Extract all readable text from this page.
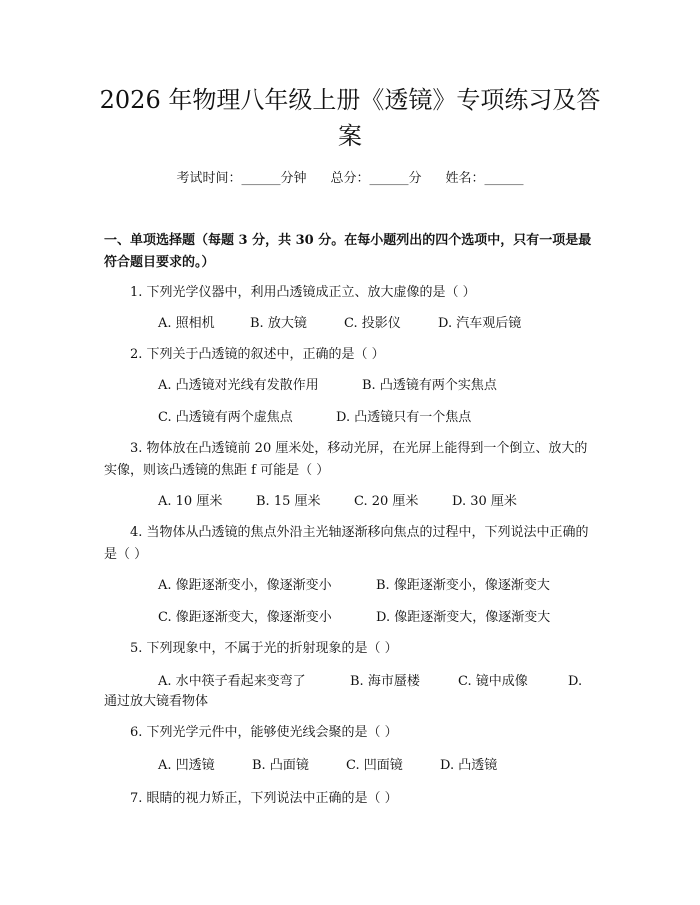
2026 年物理八年级上册《透镜》专项练习及答案
考试时间：______分钟 总分：______分 姓名：______
一、单项选择题（每题 3 分，共 30 分。在每小题列出的四个选项中，只有一项是最符合题目要求的。）
1. 下列光学仪器中，利用凸透镜成正立、放大虚像的是（ ）
A. 照相机	B. 放大镜	C. 投影仪	D. 汽车观后镜
2. 下列关于凸透镜的叙述中，正确的是（ ）
A. 凸透镜对光线有发散作用	B. 凸透镜有两个实焦点
C. 凸透镜有两个虚焦点	D. 凸透镜只有一个焦点
3. 物体放在凸透镜前 20 厘米处，移动光屏，在光屏上能得到一个倒立、放大的实像，则该凸透镜的焦距 f 可能是（ ）
A. 10 厘米	B. 15 厘米	C. 20 厘米	D. 30 厘米
4. 当物体从凸透镜的焦点外沿主光轴逐渐移向焦点的过程中，下列说法中正确的是（ ）
A. 像距逐渐变小，像逐渐变小	B. 像距逐渐变小，像逐渐变大
C. 像距逐渐变大，像逐渐变小	D. 像距逐渐变大，像逐渐变大
5. 下列现象中，不属于光的折射现象的是（ ）
A. 水中筷子看起来变弯了	B. 海市蜃楼	C. 镜中成像	D.
通过放大镜看物体
6. 下列光学元件中，能够使光线会聚的是（ ）
A. 凹透镜	B. 凸面镜	C. 凹面镜	D. 凸透镜
7. 眼睛的视力矫正，下列说法中正确的是（ ）
